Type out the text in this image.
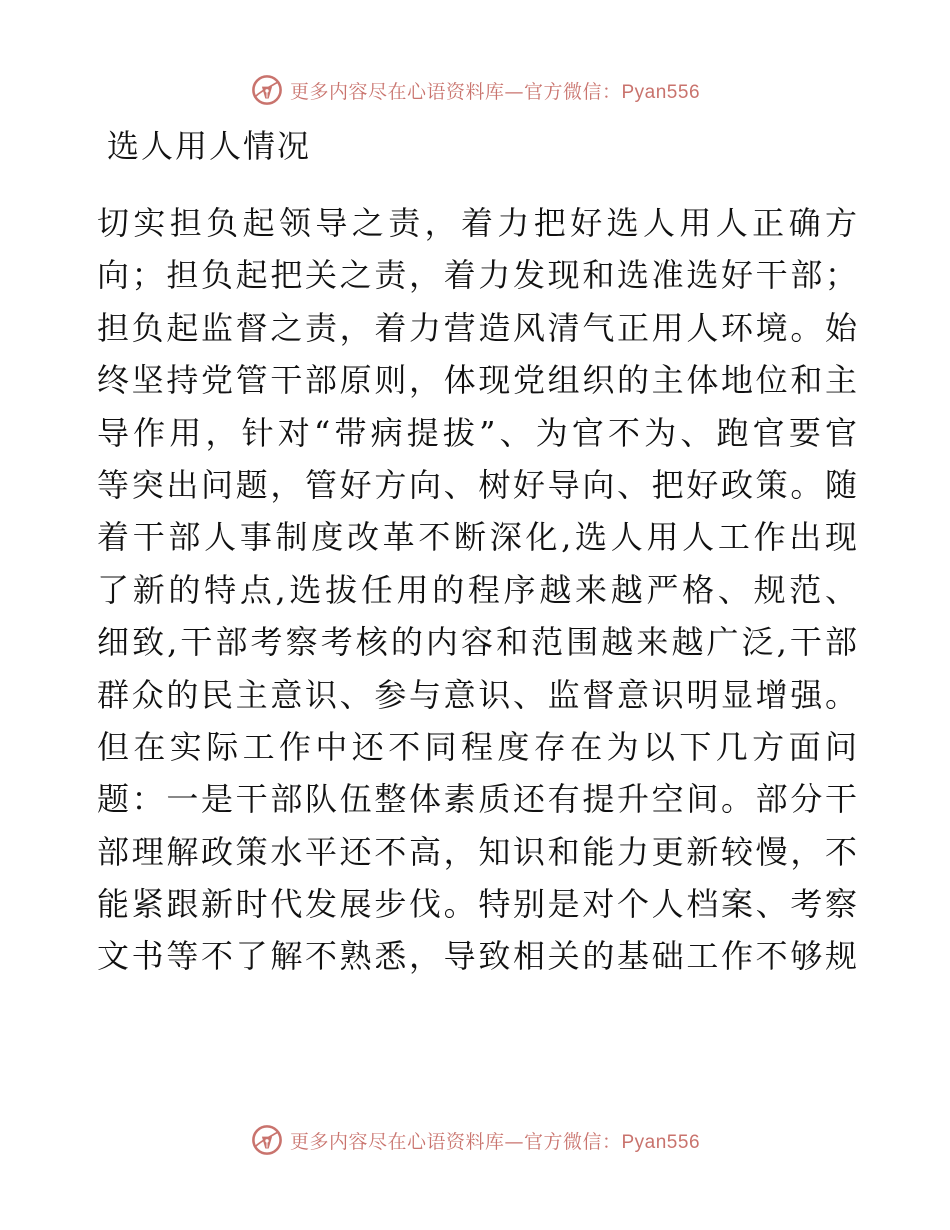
更多内容尽在心语资料库—官方微信：Pyan556
选人用人情况
切实担负起领导之责，着力把好选人用人正确方
向；担负起把关之责，着力发现和选准选好干部；
担负起监督之责，着力营造风清气正用人环境。始
终坚持党管干部原则，体现党组织的主体地位和主
导作用，针对“带病提拔”、为官不为、跑官要官
等突出问题，管好方向、树好导向、把好政策。随
着干部人事制度改革不断深化,选人用人工作出现
了新的特点,选拔任用的程序越来越严格、规范、
细致,干部考察考核的内容和范围越来越广泛,干部
群众的民主意识、参与意识、监督意识明显增强。
但在实际工作中还不同程度存在为以下几方面问
题：一是干部队伍整体素质还有提升空间。部分干
部理解政策水平还不高，知识和能力更新较慢，不
能紧跟新时代发展步伐。特别是对个人档案、考察
文书等不了解不熟悉，导致相关的基础工作不够规
更多内容尽在心语资料库—官方微信：Pyan556
